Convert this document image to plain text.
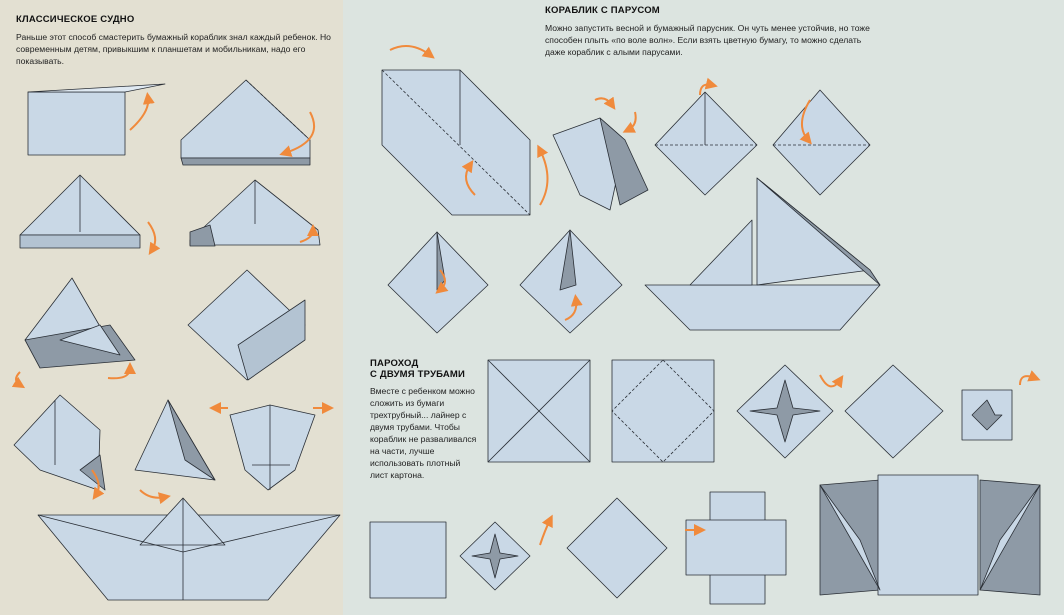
КЛАССИЧЕСКОЕ СУДНО
Раньше этот способ смастерить бумажный кораблик знал каждый ребенок. Но современным детям, привыкшим к планшетам и мобильникам, надо его показывать.
КОРАБЛИК С ПАРУСОМ
Можно запустить весной и бумажный парусник. Он чуть менее устойчив, но тоже способен плыть «по воле волн». Если взять цветную бумагу, то можно сделать даже кораблик с алыми парусами.
ПАРОХОД
С ДВУМЯ ТРУБАМИ
Вместе с ребенком можно сложить из бумаги трехтрубный... лайнер с двумя трубами. Чтобы кораблик не разваливался на части, лучше использовать плотный лист картона.
